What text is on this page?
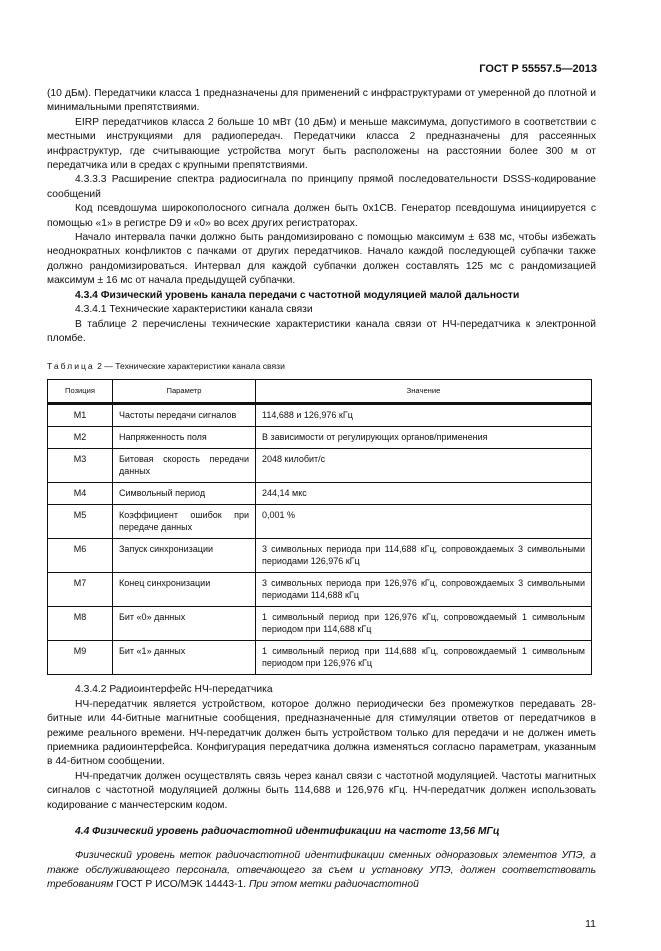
ГОСТ Р 55557.5—2013

(10 дБм). Передатчики класса 1 предназначены для применений с инфраструктурами от умеренной до плотной и минимальными препятствиями.

EIRP передатчиков класса 2 больше 10 мВт (10 дБм) и меньше максимума, допустимого в соответствии с местными инструкциями для радиопередач. Передатчики класса 2 предназначены для рассеянных инфраструктур, где считывающие устройства могут быть расположены на расстоянии более 300 м от передатчика или в средах с крупными препятствиями.

4.3.3.3 Расширение спектра радиосигнала по принципу прямой последовательности DSSS-кодирование сообщений

Код псевдошума широкополосного сигнала должен быть 0х1СВ. Генератор псевдошума инициируется с помощью «1» в регистре D9 и «0» во всех других регистраторах.

Начало интервала пачки должно быть рандомизировано с помощью максимум ± 638 мс, чтобы избежать неоднократных конфликтов с пачками от других передатчиков. Начало каждой последующей субпачки также должно рандомизироваться. Интервал для каждой субпачки должен составлять 125 мс с рандомизацией максимум ± 16 мс от начала предыдущей субпачки.

4.3.4 Физический уровень канала передачи с частотной модуляцией малой дальности

4.3.4.1 Технические характеристики канала связи

В таблице 2 перечислены технические характеристики канала связи от НЧ-передатчика к электронной пломбе.

Таблица 2 — Технические характеристики канала связи
Позиция	Параметр	Значение
М1	Частоты передачи сигналов	114,688 и 126,976 кГц
М2	Напряженность поля	В зависимости от регулирующих органов/применения
М3	Битовая скорость передачи данных	2048 килобит/с
М4	Символьный период	244,14 мкс
М5	Коэффициент ошибок при передаче данных	0,001 %
М6	Запуск синхронизации	3 символьных периода при 114,688 кГц, сопровождаемых 3 символьными периодами 126,976 кГц
М7	Конец синхронизации	3 символьных периода при 126,976 кГц, сопровождаемых 3 символьными периодами 114,688 кГц
М8	Бит «0» данных	1 символьный период при 126,976 кГц, сопровождаемый 1 символьным периодом при 114,688 кГц
М9	Бит «1» данных	1 символьный период при 114,688 кГц, сопровождаемый 1 символьным периодом при 126,976 кГц

4.3.4.2 Радиоинтерфейс НЧ-передатчика

НЧ-передатчик является устройством, которое должно периодически без промежутков передавать 28-битные или 44-битные магнитные сообщения, предназначенные для стимуляции ответов от передатчиков в режиме реального времени. НЧ-передатчик должен быть устройством только для передачи и не должен иметь приемника радиоинтерфейса. Конфигурация передатчика должна изменяться согласно параметрам, указанным в 44-битном сообщении.

НЧ-предатчик должен осуществлять связь через канал связи с частотной модуляцией. Частоты магнитных сигналов с частотной модуляцией должны быть 114,688 и 126,976 кГц. НЧ-передатчик должен использовать кодирование с манчестерским кодом.

4.4 Физический уровень радиочастотной идентификации на частоте 13,56 МГц

Физический уровень меток радиочастотной идентификации сменных одноразовых элементов УПЭ, а также обслуживающего персонала, отвечающего за съем и установку УПЭ, должен соответствовать требованиям ГОСТ Р ИСО/МЭК 14443-1. При этом метки радиочастотной

11
